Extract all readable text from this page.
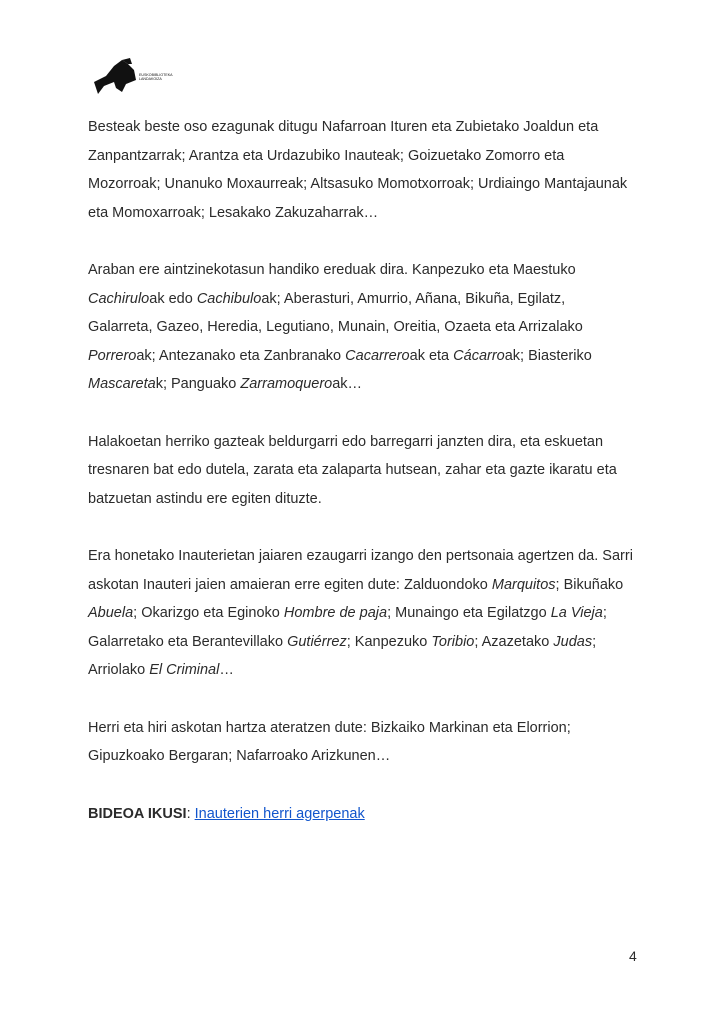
EUSKOBIBLIOTEKA
LANDAKOIZA

Besteak beste oso ezagunak ditugu Nafarroan Ituren eta Zubietako Joaldun eta
Zanpantzarrak; Arantza eta Urdazubiko Inauteak; Goizuetako Zomorro eta
Mozorroak; Unanuko Moxaurreak; Altsasuko Momotxorroak; Urdiaingo Mantajaunak
eta Momoxarroak; Lesakako Zakuzaharrak…

Araban ere aintzinekotasun handiko ereduak dira. Kanpezuko eta Maestuko
Cachiruloak edo Cachibuloak; Aberasturi, Amurrio, Añana, Bikuña, Egilatz,
Galarreta, Gazeo, Heredia, Legutiano, Munain, Oreitia, Ozaeta eta Arrizalako
Porreroak; Antezanako eta Zanbranako Cacarreroak eta Cácarroak; Biasteriko
Mascaretak; Panguako Zarramoqueroak…

Halakoetan herriko gazteak beldurgarri edo barregarri janzten dira, eta eskuetan
tresnaren bat edo dutela, zarata eta zalaparta hutsean, zahar eta gazte ikaratu eta
batzuetan astindu ere egiten dituzte.

Era honetako Inauterietan jaiaren ezaugarri izango den pertsonaia agertzen da. Sarri
askotan Inauteri jaien amaieran erre egiten dute: Zalduondoko Marquitos; Bikuñako
Abuela; Okarizgo eta Eginoko Hombre de paja; Munaingo eta Egilatzgo La Vieja;
Galarretako eta Berantevillako Gutiérrez; Kanpezuko Toribio; Azazetako Judas;
Arriolako El Criminal…

Herri eta hiri askotan hartza ateratzen dute: Bizkaiko Markinan eta Elorrion;
Gipuzkoako Bergaran; Nafarroako Arizkunen…

BIDEOA IKUSI: Inauterien herri agerpenak

4
